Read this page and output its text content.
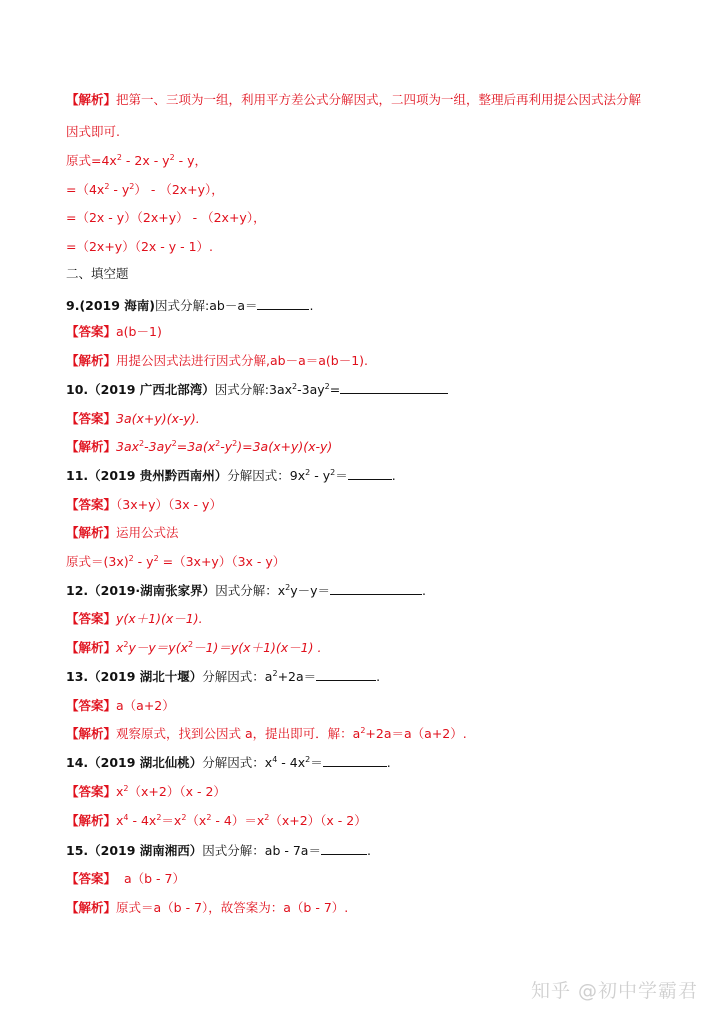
【解析】把第一、三项为一组，利用平方差公式分解因式，二四项为一组，整理后再利用提公因式法分解
因式即可.
原式$=4x^2 - 2x - y^2 - y$，
$=(4x^2 - y^2) - (2x+y)$，
=（2x - y）（2x+y） - （2x+y），
=（2x+y）（2x - y - 1）.
二、填空题
9.(2019 海南)因式分解:ab－a＝	.
【答案】a(b－1)
【解析】用提公因式法进行因式分解,ab－a＝a(b－1).
10.（2019 广西北部湾）因式分解$:3ax^2-3ay^2=$
【答案】3a(x+y)(x-y).
【解析】$3ax^2-3ay^2=3a(x^2-y^2)=3a(x+y)(x-y)$
11.（2019 贵州黔西南州）分解因式：$9x^2 - y^2=$	.
【答案】（3x+y）（3x - y）
【解析】运用公式法
原式$=(3x)^2 - y^2 =(3x+y)(3x - y)$
12.（2019·湖南张家界）因式分解：$x^2y-y=$	.
【答案】y(x＋1)(x－1).
【解析】$x^2y-y=y(x^2-1)=y(x+1)(x-1)$ .
13.（2019 湖北十堰）分解因式：$a^2+2a=$	.
【答案】a（a+2）
【解析】观察原式，找到公因式 a，提出即可．解：$a^2+2a=a(a+2)$.
14.（2019 湖北仙桃）分解因式：$x^4 - 4x^2=$	.
【答案】$x^2(x+2)(x - 2)$
【解析】$x^4 - 4x^2=x^2(x^2 - 4)=x^2(x+2)(x - 2)$
15.（2019 湖南湘西）因式分解：ab - 7a＝	.
【答案】  a（b - 7）
【解析】原式＝a（b - 7），故答案为：a（b - 7）.
知乎 @初中学霸君
